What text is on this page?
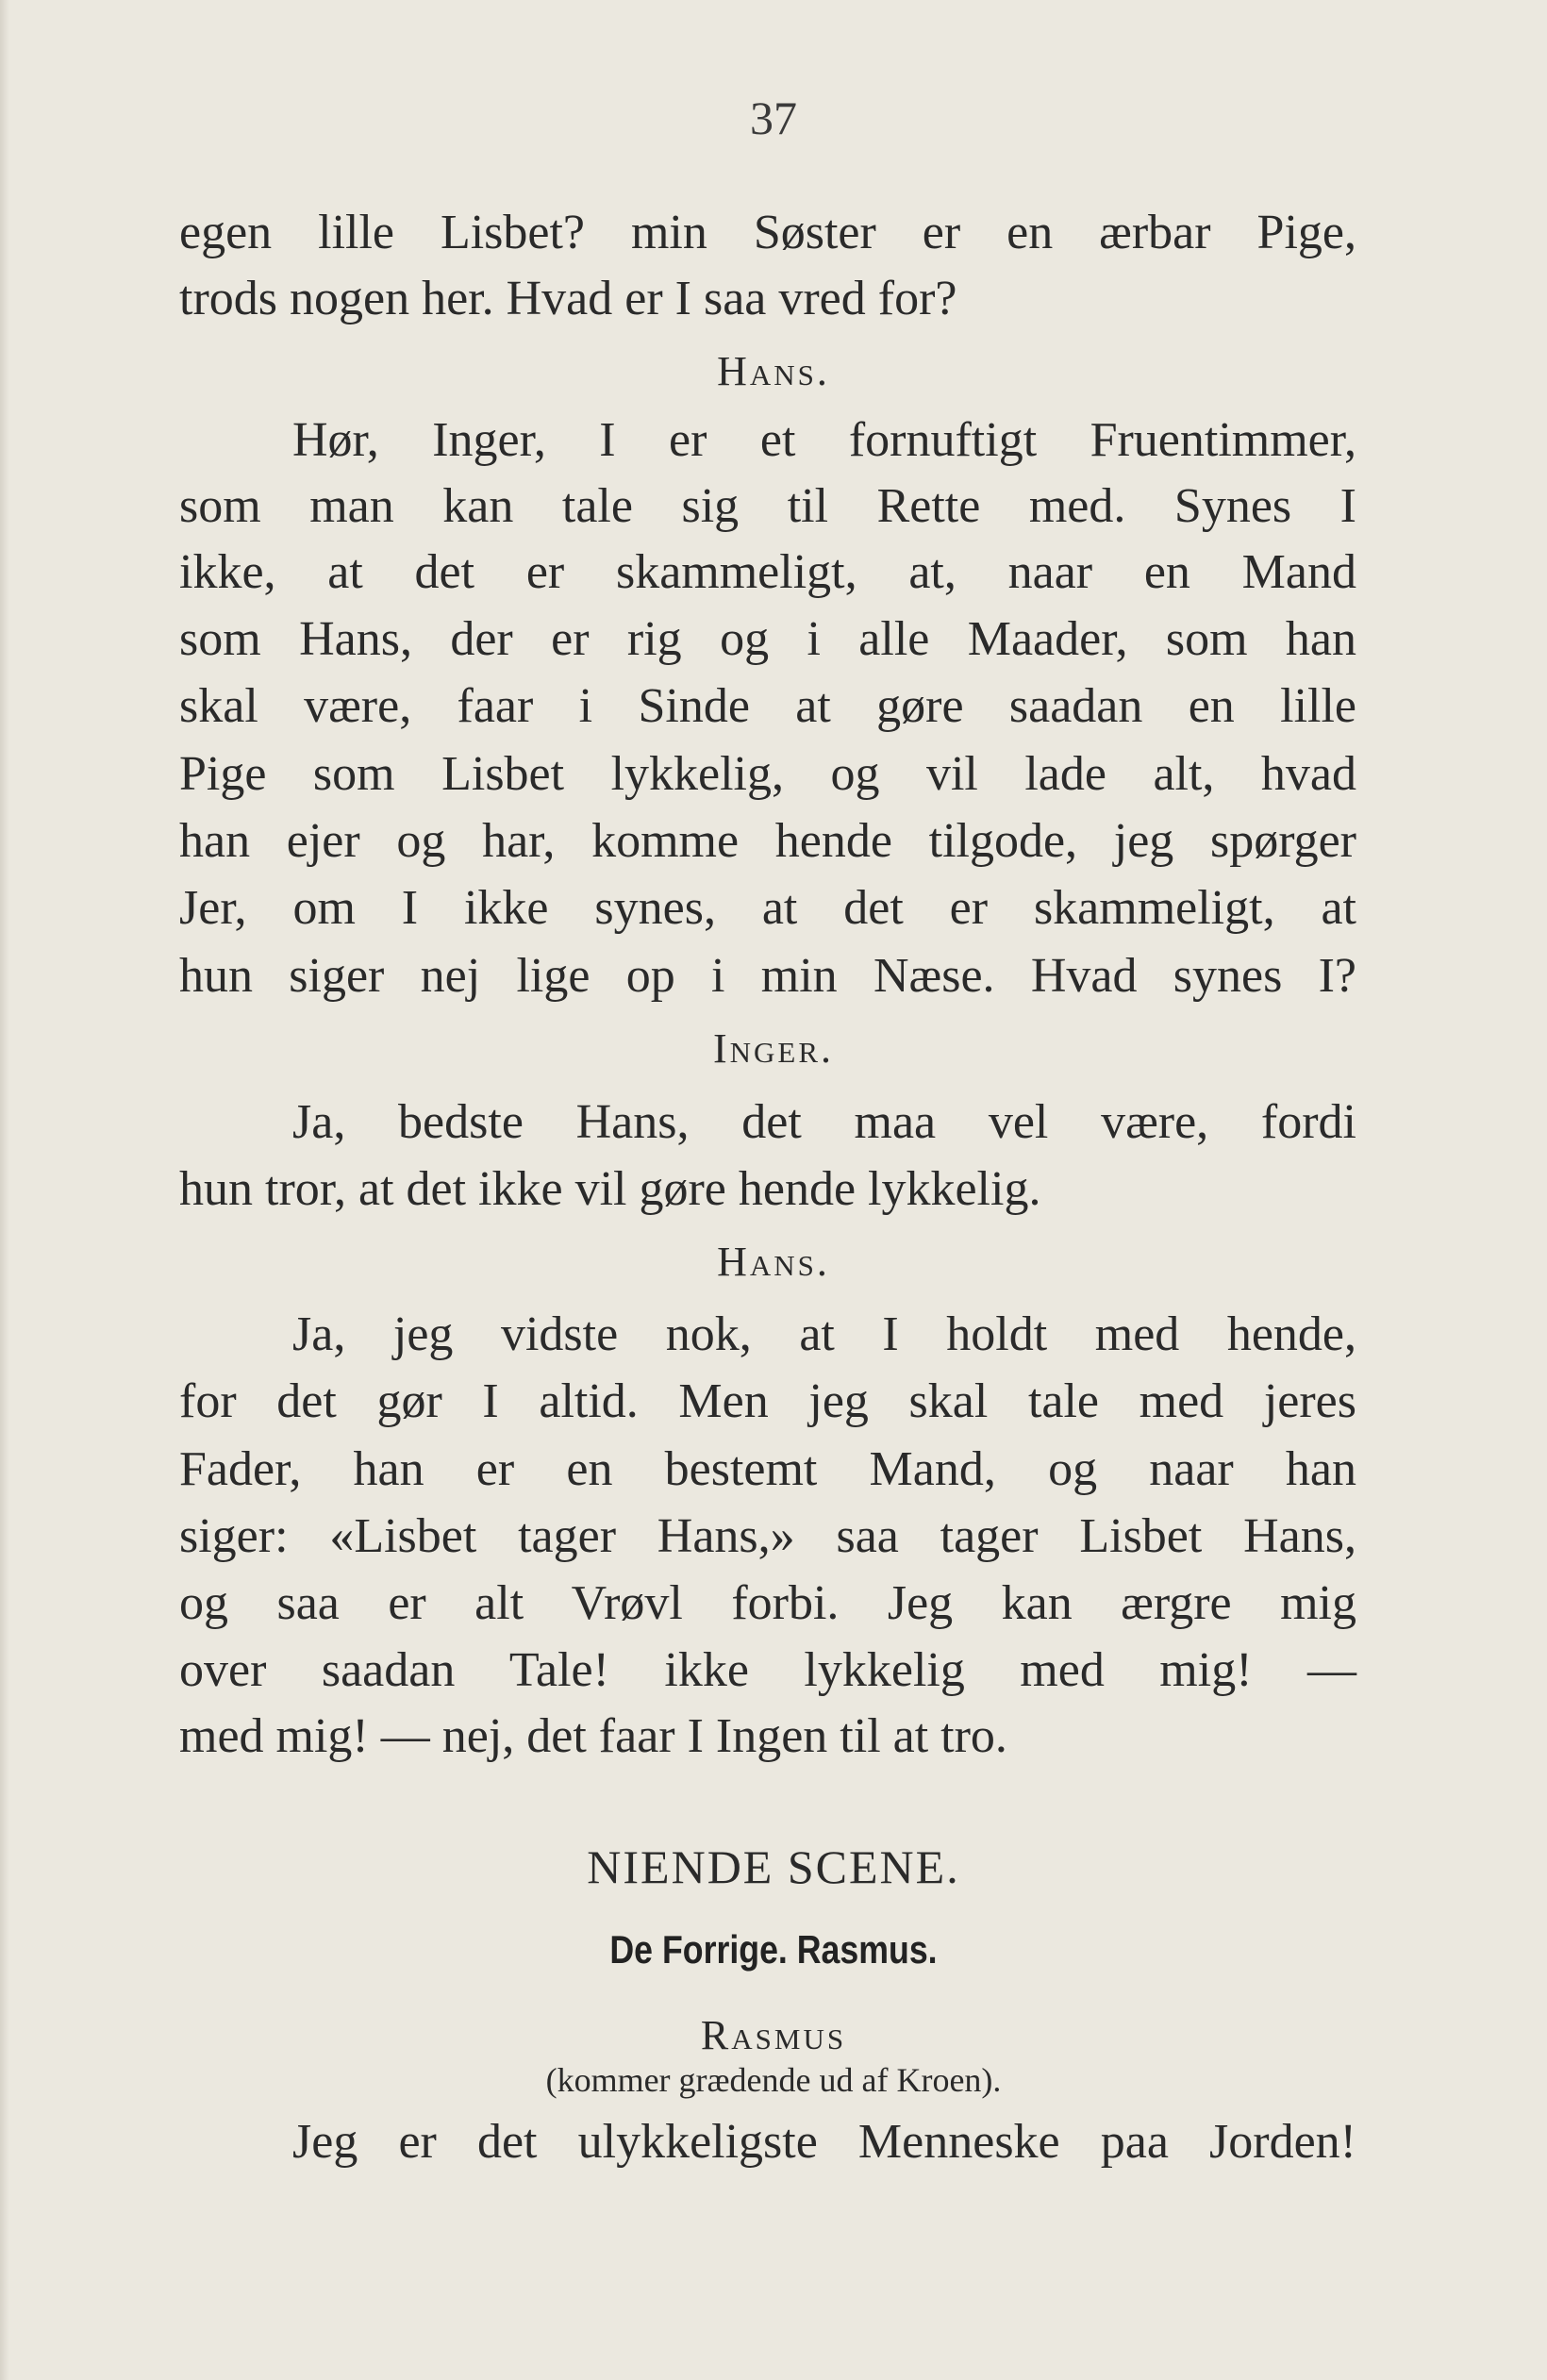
37
egen lille Lisbet? min Søster er en ærbar Pige,
trods nogen her. Hvad er I saa vred for?
Hans.
Hør, Inger, I er et fornuftigt Fruentimmer,
som man kan tale sig til Rette med. Synes I
ikke, at det er skammeligt, at, naar en Mand
som Hans, der er rig og i alle Maader, som han
skal være, faar i Sinde at gøre saadan en lille
Pige som Lisbet lykkelig, og vil lade alt, hvad
han ejer og har, komme hende tilgode, jeg spørger
Jer, om I ikke synes, at det er skammeligt, at
hun siger nej lige op i min Næse. Hvad synes I?
Inger.
Ja, bedste Hans, det maa vel være, fordi
hun tror, at det ikke vil gøre hende lykkelig.
Hans.
Ja, jeg vidste nok, at I holdt med hende,
for det gør I altid. Men jeg skal tale med jeres
Fader, han er en bestemt Mand, og naar han
siger: «Lisbet tager Hans,» saa tager Lisbet Hans,
og saa er alt Vrøvl forbi. Jeg kan ærgre mig
over saadan Tale! ikke lykkelig med mig! —
med mig! — nej, det faar I Ingen til at tro.
NIENDE SCENE.
De Forrige. Rasmus.
Rasmus
(kommer grædende ud af Kroen).
Jeg er det ulykkeligste Menneske paa Jorden!
